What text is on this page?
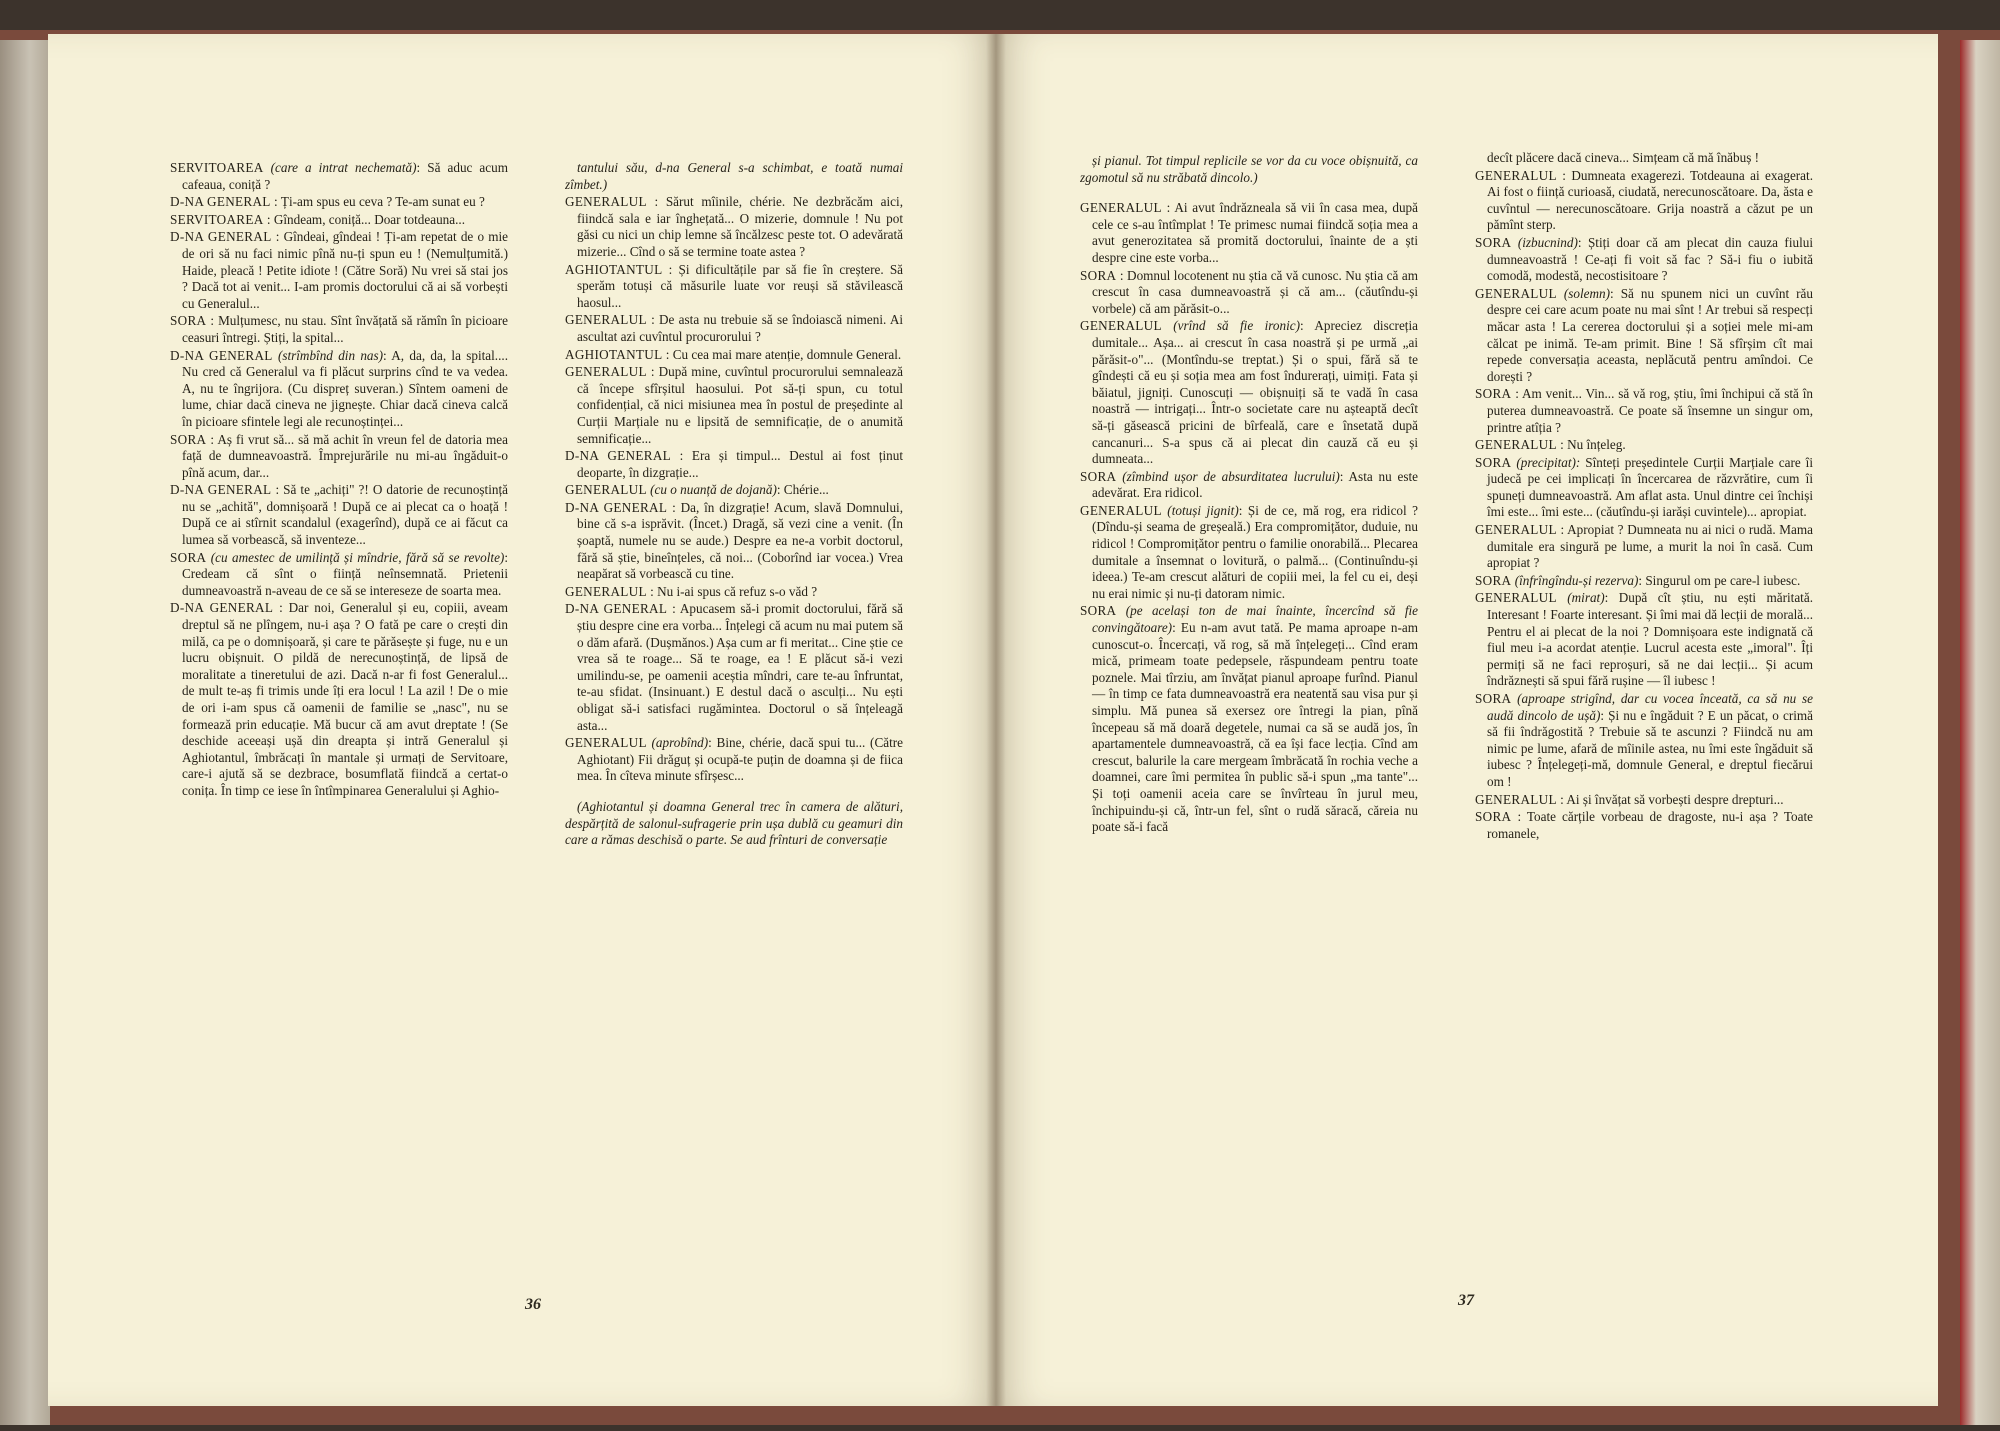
SERVITOAREA (care a intrat nechemată): Să aduc acum cafeaua, coniță ?

D-NA GENERAL : Ți-am spus eu ceva ? Te-am sunat eu ?

SERVITOAREA : Gîndeam, coniță... Doar totdeauna...

D-NA GENERAL : Gîndeai, gîndeai ! Ți-am repetat de o mie de ori să nu faci nimic pînă nu-ți spun eu ! (Nemulțumită.) Haide, pleacă ! Petite idiote ! (Către Soră) Nu vrei să stai jos ? Dacă tot ai venit... I-am promis doctorului că ai să vorbești cu Generalul...

SORA : Mulțumesc, nu stau. Sînt învățată să rămîn în picioare ceasuri întregi. Știți, la spital...

D-NA GENERAL (strîmbînd din nas): A, da, da, la spital.... Nu cred că Generalul va fi plăcut surprins cînd te va vedea. A, nu te îngrijora. (Cu dispreț suveran.) Sîntem oameni de lume, chiar dacă cineva ne jignește. Chiar dacă cineva calcă în picioare sfintele legi ale recunoștinței...

SORA : Aș fi vrut să... să mă achit în vreun fel de datoria mea față de dumneavoastră. Împrejurările nu mi-au îngăduit-o pînă acum, dar...

D-NA GENERAL : Să te „achiți" ?! O datorie de recunoștință nu se „achită", domnișoară ! După ce ai plecat ca o hoață ! După ce ai stîrnit scandalul (exagerînd), după ce ai făcut ca lumea să vorbească, să inventeze...

SORA (cu amestec de umilință și mîndrie, fără să se revolte): Credeam că sînt o ființă neînsemnată. Prietenii dumneavoastră n-aveau de ce să se intereseze de soarta mea.

D-NA GENERAL : Dar noi, Generalul și eu, copiii, aveam dreptul să ne plîngem, nu-i așa ? O fată pe care o crești din milă, ca pe o domnișoară, și care te părăsește și fuge, nu e un lucru obișnuit. O pildă de nerecunoștință, de lipsă de moralitate a tineretului de azi. Dacă n-ar fi fost Generalul... de mult te-aș fi trimis unde îți era locul ! La azil ! De o mie de ori i-am spus că oamenii de familie se „nasc", nu se formează prin educație. Mă bucur că am avut dreptate ! (Se deschide aceeași ușă din dreapta și intră Generalul și Aghiotantul, îmbrăcați în mantale și urmați de Servitoare, care-i ajută să se dezbrace, bosumflată fiindcă a certat-o conița. În timp ce iese în întîmpinarea Generalului și Aghio-

tantului său, d-na General s-a schimbat, e toată numai zîmbet.)

GENERALUL : Sărut mîinile, chérie. Ne dezbrăcăm aici, fiindcă sala e iar înghețată... O mizerie, domnule ! Nu pot găsi cu nici un chip lemne să încălzesc peste tot. O adevărată mizerie... Cînd o să se termine toate astea ?

AGHIOTANTUL : Și dificultățile par să fie în creștere. Să sperăm totuși că măsurile luate vor reuși să stăvilească haosul...

GENERALUL : De asta nu trebuie să se îndoiască nimeni. Ai ascultat azi cuvîntul procurorului ?

AGHIOTANTUL : Cu cea mai mare atenție, domnule General.

GENERALUL : După mine, cuvîntul procurorului semnalează că începe sfîrșitul haosului. Pot să-ți spun, cu totul confidențial, că nici misiunea mea în postul de președinte al Curții Marțiale nu e lipsită de semnificație, de o anumită semnificație...

D-NA GENERAL : Era și timpul... Destul ai fost ținut deoparte, în dizgrație...

GENERALUL (cu o nuanță de dojană): Chérie...

D-NA GENERAL : Da, în dizgrație! Acum, slavă Domnului, bine că s-a isprăvit. (Încet.) Dragă, să vezi cine a venit. (În șoaptă, numele nu se aude.) Despre ea ne-a vorbit doctorul, fără să știe, bineînțeles, că noi... (Coborînd iar vocea.) Vrea neapărat să vorbească cu tine.

GENERALUL : Nu i-ai spus că refuz s-o văd ?

D-NA GENERAL : Apucasem să-i promit doctorului, fără să știu despre cine era vorba... Înțelegi că acum nu mai putem să o dăm afară. (Dușmănos.) Așa cum ar fi meritat... Cine știe ce vrea să te roage... Să te roage, ea ! E plăcut să-i vezi umilindu-se, pe oamenii aceștia mîndri, care te-au înfruntat, te-au sfidat. (Insinuant.) E destul dacă o asculți... Nu ești obligat să-i satisfaci rugămintea. Doctorul o să înțeleagă asta...

GENERALUL (aprobînd): Bine, chérie, dacă spui tu... (Către Aghiotant) Fii drăguț și ocupă-te puțin de doamna și de fiica mea. În cîteva minute sfîrșesc...

(Aghiotantul și doamna General trec în camera de alături, despărțită de salonul-sufragerie prin ușa dublă cu geamuri din care a rămas deschisă o parte. Se aud frînturi de conversație

și pianul. Tot timpul replicile se vor da cu voce obișnuită, ca zgomotul să nu străbată dincolo.)

GENERALUL : Ai avut îndrăzneala să vii în casa mea, după cele ce s-au întîmplat ! Te primesc numai fiindcă soția mea a avut generozitatea să promită doctorului, înainte de a ști despre cine este vorba...

SORA : Domnul locotenent nu știa că vă cunosc. Nu știa că am crescut în casa dumneavoastră și că am... (căutîndu-și vorbele) că am părăsit-o...

GENERALUL (vrînd să fie ironic): Apreciez discreția dumitale... Așa... ai crescut în casa noastră și pe urmă „ai părăsit-o"... (Montîndu-se treptat.) Și o spui, fără să te gîndești că eu și soția mea am fost îndurerați, uimiți. Fata și băiatul, jigniți. Cunoscuți — obișnuiți să te vadă în casa noastră — intrigați... Într-o societate care nu așteaptă decît să-ți găsească pricini de bîrfeală, care e însetată după cancanuri... S-a spus că ai plecat din cauză că eu și dumneata...

SORA (zîmbind ușor de absurditatea lucrului): Asta nu este adevărat. Era ridicol.

GENERALUL (totuși jignit): Și de ce, mă rog, era ridicol ? (Dîndu-și seama de greșeală.) Era compromițător, duduie, nu ridicol ! Compromițător pentru o familie onorabilă... Plecarea dumitale a însemnat o lovitură, o palmă... (Continuîndu-și ideea.) Te-am crescut alături de copiii mei, la fel cu ei, deși nu erai nimic și nu-ți datoram nimic.

SORA (pe același ton de mai înainte, încercînd să fie convingătoare): Eu n-am avut tată. Pe mama aproape n-am cunoscut-o. Încercați, vă rog, să mă înțelegeți... Cînd eram mică, primeam toate pedepsele, răspundeam pentru toate poznele. Mai tîrziu, am învățat pianul aproape furînd. Pianul — în timp ce fata dumneavoastră era neatentă sau visa pur și simplu. Mă punea să exersez ore întregi la pian, pînă începeau să mă doară degetele, numai ca să se audă jos, în apartamentele dumneavoastră, că ea își face lecția. Cînd am crescut, balurile la care mergeam îmbrăcată în rochia veche a doamnei, care îmi permitea în public să-i spun „ma tante"... Și toți oamenii aceia care se învîrteau în jurul meu, închipuindu-și că, într-un fel, sînt o rudă săracă, căreia nu poate să-i facă

decît plăcere dacă cineva... Simțeam că mă înăbuș !

GENERALUL : Dumneata exagerezi. Totdeauna ai exagerat. Ai fost o ființă curioasă, ciudată, nerecunoscătoare. Da, ăsta e cuvîntul — nerecunoscătoare. Grija noastră a căzut pe un pămînt sterp.

SORA (izbucnind): Știți doar că am plecat din cauza fiului dumneavoastră ! Ce-ați fi voit să fac ? Să-i fiu o iubită comodă, modestă, necostisitoare ?

GENERALUL (solemn): Să nu spunem nici un cuvînt rău despre cei care acum poate nu mai sînt ! Ar trebui să respecți măcar asta ! La cererea doctorului și a soției mele mi-am călcat pe inimă. Te-am primit. Bine ! Să sfîrșim cît mai repede conversația aceasta, neplăcută pentru amîndoi. Ce dorești ?

SORA : Am venit... Vin... să vă rog, știu, îmi închipui că stă în puterea dumneavoastră. Ce poate să însemne un singur om, printre atîția ?

GENERALUL : Nu înțeleg.

SORA (precipitat): Sînteți președintele Curții Marțiale care îi judecă pe cei implicați în încercarea de răzvrătire, cum îi spuneți dumneavoastră. Am aflat asta. Unul dintre cei închiși îmi este... îmi este... (căutîndu-și iarăși cuvintele)... apropiat.

GENERALUL : Apropiat ? Dumneata nu ai nici o rudă. Mama dumitale era singură pe lume, a murit la noi în casă. Cum apropiat ?

SORA (înfrîngîndu-și rezerva): Singurul om pe care-l iubesc.

GENERALUL (mirat): După cît știu, nu ești măritată. Interesant ! Foarte interesant. Și îmi mai dă lecții de morală... Pentru el ai plecat de la noi ? Domnișoara este indignată că fiul meu i-a acordat atenție. Lucrul acesta este „imoral". Îți permiți să ne faci reproșuri, să ne dai lecții... Și acum îndrăznești să spui fără rușine — îl iubesc !

SORA (aproape strigînd, dar cu vocea înceată, ca să nu se audă dincolo de ușă): Și nu e îngăduit ? E un păcat, o crimă să fii îndrăgostită ? Trebuie să te ascunzi ? Fiindcă nu am nimic pe lume, afară de mîinile astea, nu îmi este îngăduit să iubesc ? Înțelegeți-mă, domnule General, e dreptul fiecărui om !

GENERALUL : Ai și învățat să vorbești despre drepturi...

SORA : Toate cărțile vorbeau de dragoste, nu-i așa ? Toate romanele,

36	37
